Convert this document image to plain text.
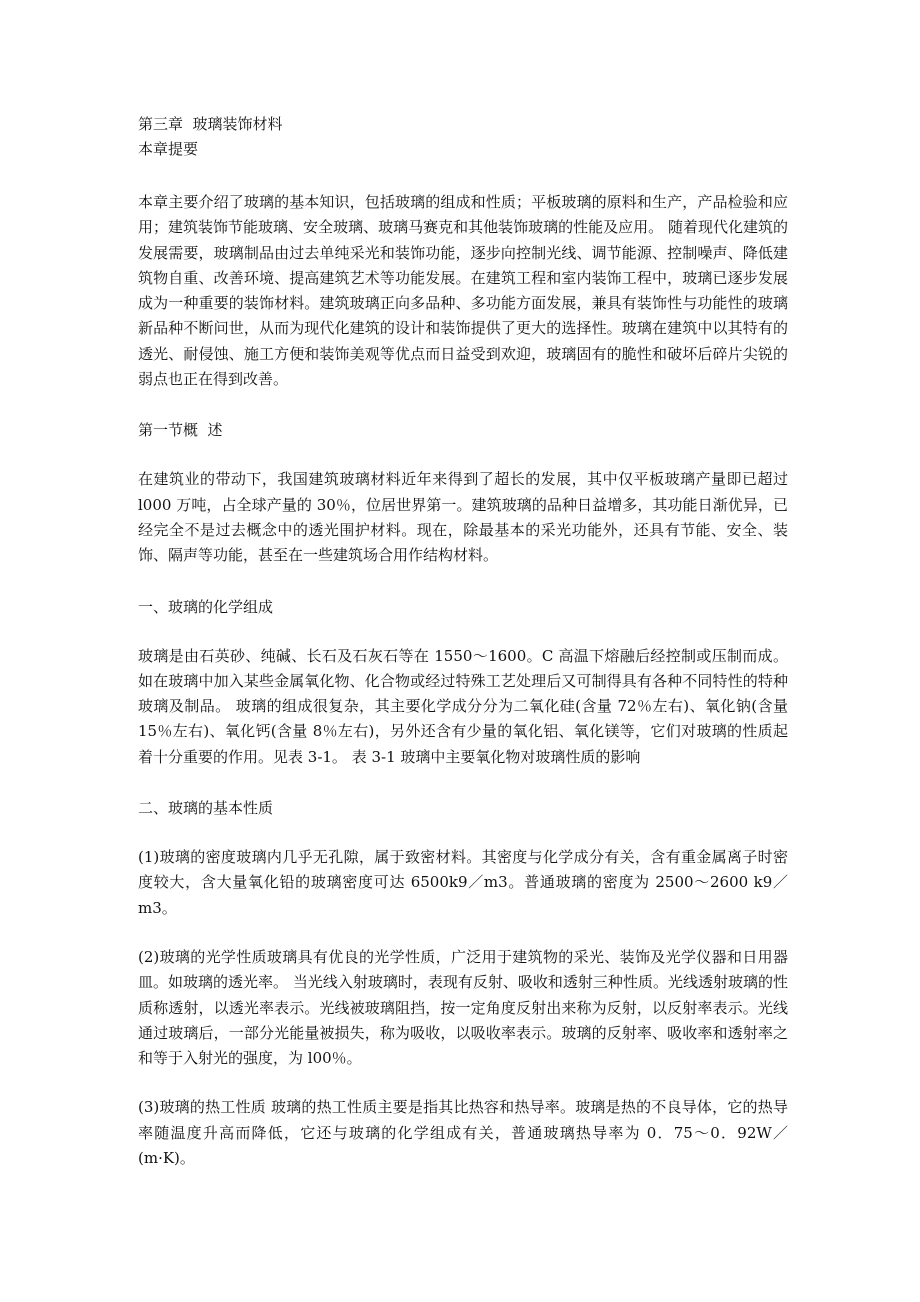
第三章  玻璃装饰材料

本章提要

本章主要介绍了玻璃的基本知识，包括玻璃的组成和性质；平板玻璃的原料和生产，产品检验和应用；建筑装饰节能玻璃、安全玻璃、玻璃马赛克和其他装饰玻璃的性能及应用。 随着现代化建筑的发展需要，玻璃制品由过去单纯采光和装饰功能，逐步向控制光线、调节能源、控制噪声、降低建筑物自重、改善环境、提高建筑艺术等功能发展。在建筑工程和室内装饰工程中，玻璃已逐步发展成为一种重要的装饰材料。建筑玻璃正向多品种、多功能方面发展，兼具有装饰性与功能性的玻璃新品种不断问世，从而为现代化建筑的设计和装饰提供了更大的选择性。玻璃在建筑中以其特有的透光、耐侵蚀、施工方便和装饰美观等优点而日益受到欢迎，玻璃固有的脆性和破坏后碎片尖锐的弱点也正在得到改善。

第一节概  述

在建筑业的带动下，我国建筑玻璃材料近年来得到了超长的发展，其中仅平板玻璃产量即已超过 l000 万吨，占全球产量的 30％，位居世界第一。建筑玻璃的品种日益增多，其功能日渐优异，已经完全不是过去概念中的透光围护材料。现在，除最基本的采光功能外，还具有节能、安全、装饰、隔声等功能，甚至在一些建筑场合用作结构材料。

一、玻璃的化学组成

玻璃是由石英砂、纯碱、长石及石灰石等在 1550～1600。C 高温下熔融后经控制或压制而成。如在玻璃中加入某些金属氧化物、化合物或经过特殊工艺处理后又可制得具有各种不同特性的特种玻璃及制品。 玻璃的组成很复杂，其主要化学成分分为二氧化硅(含量 72％左右)、氧化钠(含量 15％左右)、氧化钙(含量 8％左右)，另外还含有少量的氧化铝、氧化镁等，它们对玻璃的性质起着十分重要的作用。见表 3-1。 表 3-1 玻璃中主要氧化物对玻璃性质的影响

二、玻璃的基本性质

(1)玻璃的密度玻璃内几乎无孔隙，属于致密材料。其密度与化学成分有关，含有重金属离子时密度较大，含大量氧化铅的玻璃密度可达 6500k9／m3。普通玻璃的密度为 2500～2600 k9／m3。

(2)玻璃的光学性质玻璃具有优良的光学性质，广泛用于建筑物的采光、装饰及光学仪器和日用器皿。如玻璃的透光率。 当光线入射玻璃时，表现有反射、吸收和透射三种性质。光线透射玻璃的性质称透射，以透光率表示。光线被玻璃阻挡，按一定角度反射出来称为反射，以反射率表示。光线通过玻璃后，一部分光能量被损失，称为吸收，以吸收率表示。玻璃的反射率、吸收率和透射率之和等于入射光的强度，为 l00％。

(3)玻璃的热工性质 玻璃的热工性质主要是指其比热容和热导率。玻璃是热的不良导体，它的热导率随温度升高而降低，它还与玻璃的化学组成有关，普通玻璃热导率为 0．75～0．92W／(m·K)。
